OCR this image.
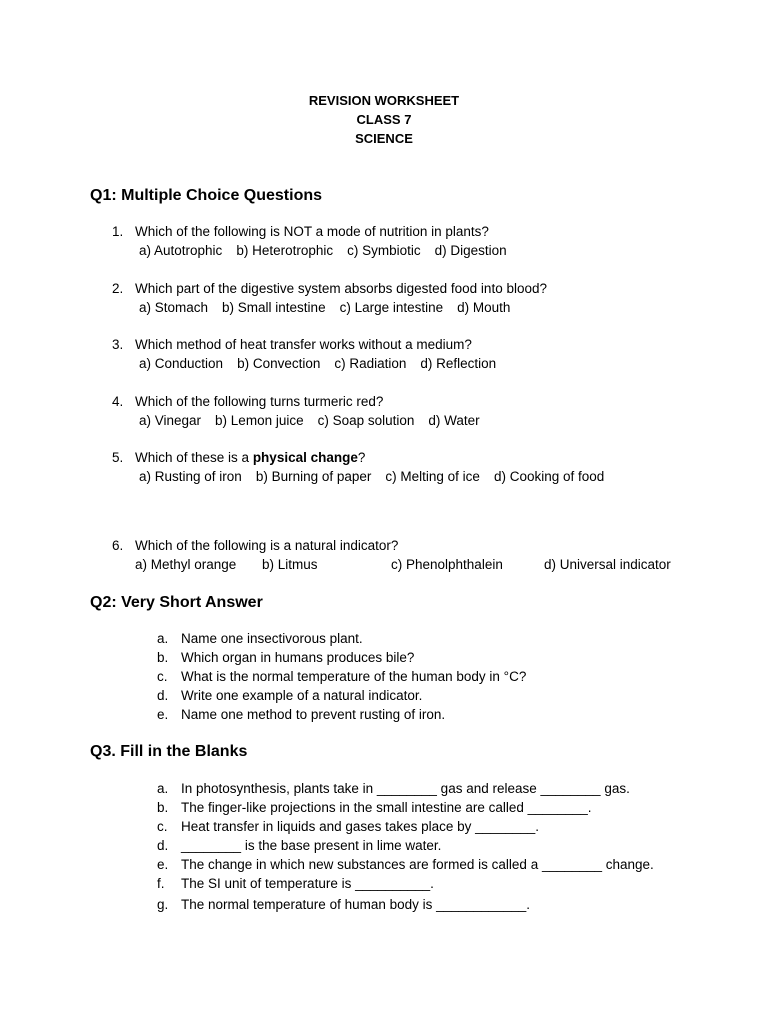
REVISION WORKSHEET
CLASS 7
SCIENCE
Q1: Multiple Choice Questions
1. Which of the following is NOT a mode of nutrition in plants?
a) Autotrophic b) Heterotrophic c) Symbiotic d) Digestion
2. Which part of the digestive system absorbs digested food into blood?
a) Stomach b) Small intestine c) Large intestine d) Mouth
3. Which method of heat transfer works without a medium?
a) Conduction b) Convection c) Radiation d) Reflection
4. Which of the following turns turmeric red?
a) Vinegar b) Lemon juice c) Soap solution d) Water
5. Which of these is a physical change?
a) Rusting of iron b) Burning of paper c) Melting of ice d) Cooking of food
6. Which of the following is a natural indicator?
a) Methyl orange b) Litmus	c) Phenolphthalein	d) Universal indicator
Q2: Very Short Answer
a. Name one insectivorous plant.
b. Which organ in humans produces bile?
c. What is the normal temperature of the human body in °C?
d. Write one example of a natural indicator.
e. Name one method to prevent rusting of iron.
Q3. Fill in the Blanks
a. In photosynthesis, plants take in ________ gas and release ________ gas.
b. The finger-like projections in the small intestine are called ________.
c. Heat transfer in liquids and gases takes place by ________.
d. ________ is the base present in lime water.
e. The change in which new substances are formed is called a ________ change.
f. The SI unit of temperature is __________.
g. The normal temperature of human body is ____________.
